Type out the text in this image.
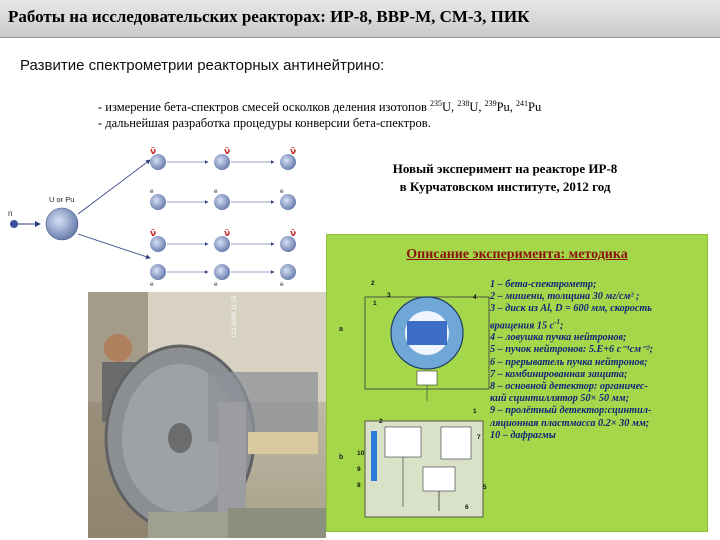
Работы на исследовательских реакторах: ИР-8, ВВР-М, СМ-3, ПИК
Развитие спектрометрии реакторных антинейтрино:
- измерение бета-спектров смесей осколков деления изотопов $^{235}$U, $^{238}$U, $^{239}$Pu, $^{241}$Pu
- дальнейшая разработка процедуры конверсии бета-спектров.
Новый эксперимент на реакторе ИР-8
в Курчатовском институте, 2012 год
n
U or Pu
ν̃	ν̃	ν̃
ν̃	ν̃	ν̃
e	e	e
e	e	e
11/1/2006 11:55
Описание эксперимента: методика
a
b
1
2
3	4
1
2
7
10
9
8	5
6
1 – бета-спектрометр;
2 – мишени, толщина 30 мг/см² ;
3 – диск из Al, D = 600 мм, скорость
вращения 15 $с^{-1}$;
4 – ловушка пучка нейтронов;
5 – пучок нейтронов: 5.Е+6 с⁻¹см⁻²;
6 – прерыватель пучка нейтронов;
7 – комбинированная защита;
8 – основной детектор: органичес-
кий сцинтиллятор 50× 50 мм;
9 – пролётный детектор:сцинтил-
ляционная пластмасса 0.2× 30 мм;
10 – дафрагмы
